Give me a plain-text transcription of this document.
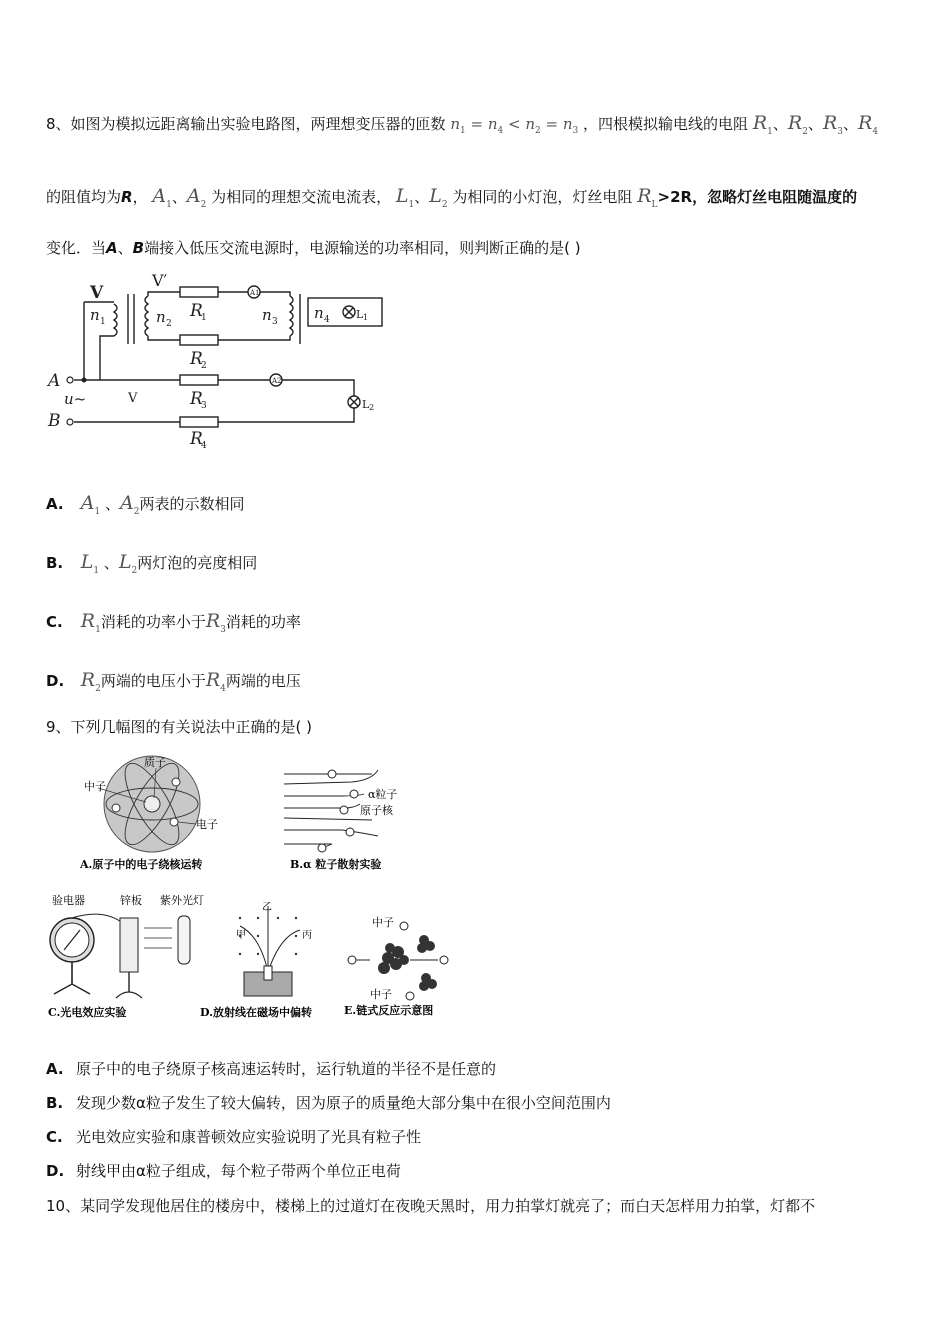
8、如图为模拟远距离输出实验电路图，两理想变压器的匝数 $n_1 = n_4 < n_2 = n_3$ ，四根模拟输电线的电阻 $R_1$、$R_2$、$R_3$、$R_4$
的阻值均为R， $A_1$、$A_2$ 为相同的理想交流电流表， $L_1$、$L_2$ 为相同的小灯泡，灯丝电阻 $R_L>2R$，忽略灯丝电阻随温度的
变化．当A、B端接入低压交流电源时，电源输送的功率相同，则判断正确的是( )
V
V′
n 1	n 2	n 3 n 4 L 1
R
1
R
2
R
3
R
4
A
B
u~	V	L 2
A1
A2
A. $A_1$ 、$A_2$两表的示数相同
B. $L_1$ 、$L_2$两灯泡的亮度相同
C. $R_1$消耗的功率小于$R_3$消耗的功率
D. $R_2$两端的电压小于$R_4$两端的电压
9、下列几幅图的有关说法中正确的是( )
质子
中子
电子
A.原子中的电子绕核运转
α粒子
原子核
B.α 粒子散射实验
验电器	锌板 紫外光灯
C.光电效应实验
乙
甲	丙
D.放射线在磁场中偏转
中子
中子
E.链式反应示意图
A. 原子中的电子绕原子核高速运转时，运行轨道的半径不是任意的
B. 发现少数α粒子发生了较大偏转，因为原子的质量绝大部分集中在很小空间范围内
C. 光电效应实验和康普顿效应实验说明了光具有粒子性
D. 射线甲由α粒子组成，每个粒子带两个单位正电荷
10、某同学发现他居住的楼房中，楼梯上的过道灯在夜晚天黑时，用力拍掌灯就亮了；而白天怎样用力拍掌，灯都不
